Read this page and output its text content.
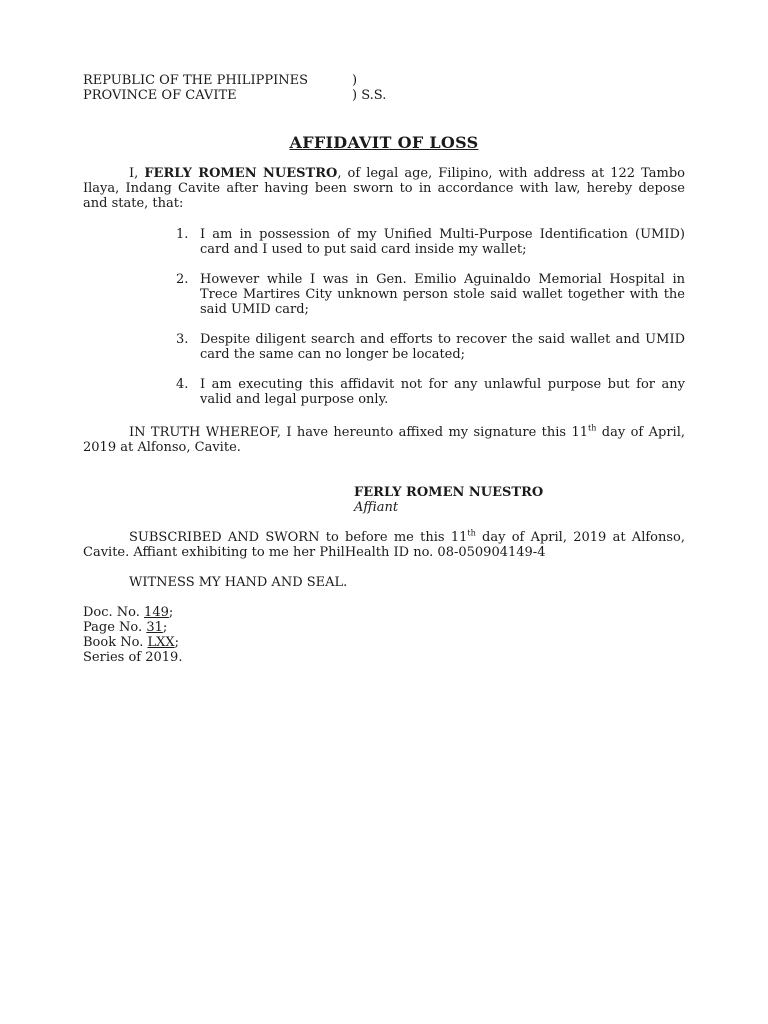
REPUBLIC OF THE PHILIPPINES	)
PROVINCE OF CAVITE	) S.S.
AFFIDAVIT OF LOSS
I, FERLY ROMEN NUESTRO, of legal age, Filipino, with address at 122 Tambo Ilaya, Indang Cavite after having been sworn to in accordance with law, hereby depose and state, that:
1. I am in possession of my Unified Multi-Purpose Identification (UMID) card and I used to put said card inside my wallet;
2. However while I was in Gen. Emilio Aguinaldo Memorial Hospital in Trece Martires City unknown person stole said wallet together with the said UMID card;
3. Despite diligent search and efforts to recover the said wallet and UMID card the same can no longer be located;
4. I am executing this affidavit not for any unlawful purpose but for any valid and legal purpose only.
IN TRUTH WHEREOF, I have hereunto affixed my signature this 11th day of April, 2019 at Alfonso, Cavite.
FERLY ROMEN NUESTRO
Affiant
SUBSCRIBED AND SWORN to before me this 11th day of April, 2019 at Alfonso, Cavite. Affiant exhibiting to me her PhilHealth ID no. 08-050904149-4
WITNESS MY HAND AND SEAL.
Doc. No. 149;
Page No. 31;
Book No. LXX;
Series of 2019.
